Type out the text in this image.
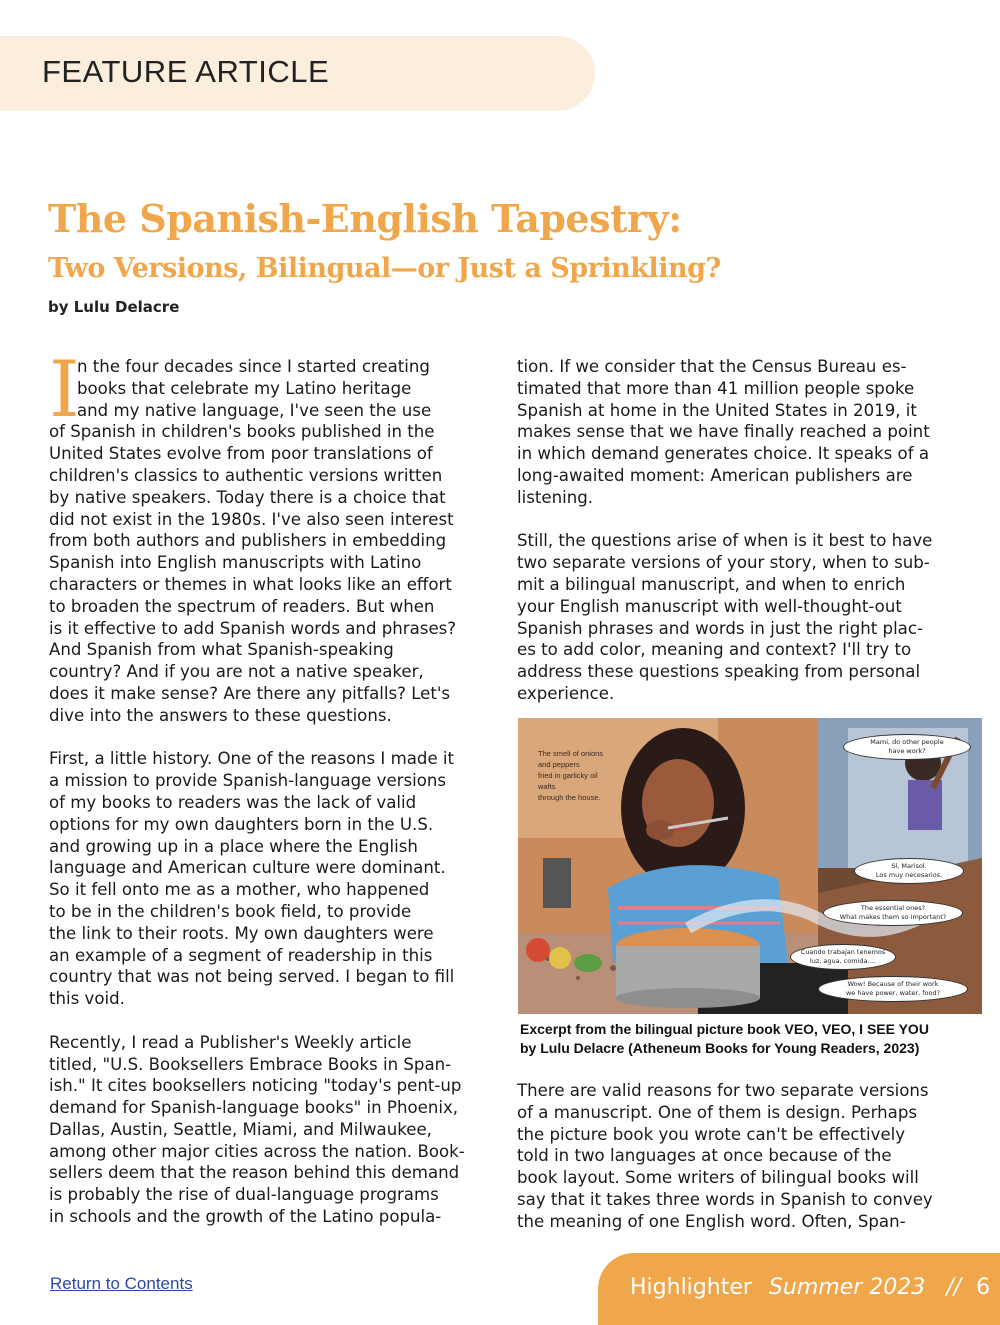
FEATURE ARTICLE
The Spanish-English Tapestry:
Two Versions, Bilingual—or Just a Sprinkling?
by Lulu Delacre
I
n the four decades since I started creating
books that celebrate my Latino heritage
and my native language, I've seen the use
of Spanish in children's books published in the
United States evolve from poor translations of
children's classics to authentic versions written
by native speakers. Today there is a choice that
did not exist in the 1980s. I've also seen interest
from both authors and publishers in embedding
Spanish into English manuscripts with Latino
characters or themes in what looks like an effort
to broaden the spectrum of readers. But when
is it effective to add Spanish words and phrases?
And Spanish from what Spanish-speaking
country? And if you are not a native speaker,
does it make sense? Are there any pitfalls? Let's
dive into the answers to these questions.
First, a little history. One of the reasons I made it
a mission to provide Spanish-language versions
of my books to readers was the lack of valid
options for my own daughters born in the U.S.
and growing up in a place where the English
language and American culture were dominant.
So it fell onto me as a mother, who happened
to be in the children's book field, to provide
the link to their roots. My own daughters were
an example of a segment of readership in this
country that was not being served. I began to fill
this void.
Recently, I read a Publisher's Weekly article
titled, "U.S. Booksellers Embrace Books in Span-
ish." It cites booksellers noticing "today's pent-up
demand for Spanish-language books" in Phoenix,
Dallas, Austin, Seattle, Miami, and Milwaukee,
among other major cities across the nation. Book-
sellers deem that the reason behind this demand
is probably the rise of dual-language programs
in schools and the growth of the Latino popula-
tion. If we consider that the Census Bureau es-
timated that more than 41 million people spoke
Spanish at home in the United States in 2019, it
makes sense that we have finally reached a point
in which demand generates choice. It speaks of a
long-awaited moment: American publishers are
listening.
Still, the questions arise of when is it best to have
two separate versions of your story, when to sub-
mit a bilingual manuscript, and when to enrich
your English manuscript with well-thought-out
Spanish phrases and words in just the right plac-
es to add color, meaning and context? I'll try to
address these questions speaking from personal
experience.
The smell of onions
and peppers
fried in garlicky oil
wafts
through the house.
Mami, do other people
have work?
Sí, Marisol.
Los muy necesarios.
The essential ones?
What makes them so important?
Cuando trabajan tenemos
luz, agua, comida….
Wow! Because of their work
we have power, water, food?
Excerpt from the bilingual picture book VEO, VEO, I SEE YOU
by Lulu Delacre (Atheneum Books for Young Readers, 2023)
There are valid reasons for two separate versions
of a manuscript. One of them is design. Perhaps
the picture book you wrote can't be effectively
told in two languages at once because of the
book layout. Some writers of bilingual books will
say that it takes three words in Spanish to convey
the meaning of one English word. Often, Span-
Return to Contents	Highlighter Summer 2023 // 6
